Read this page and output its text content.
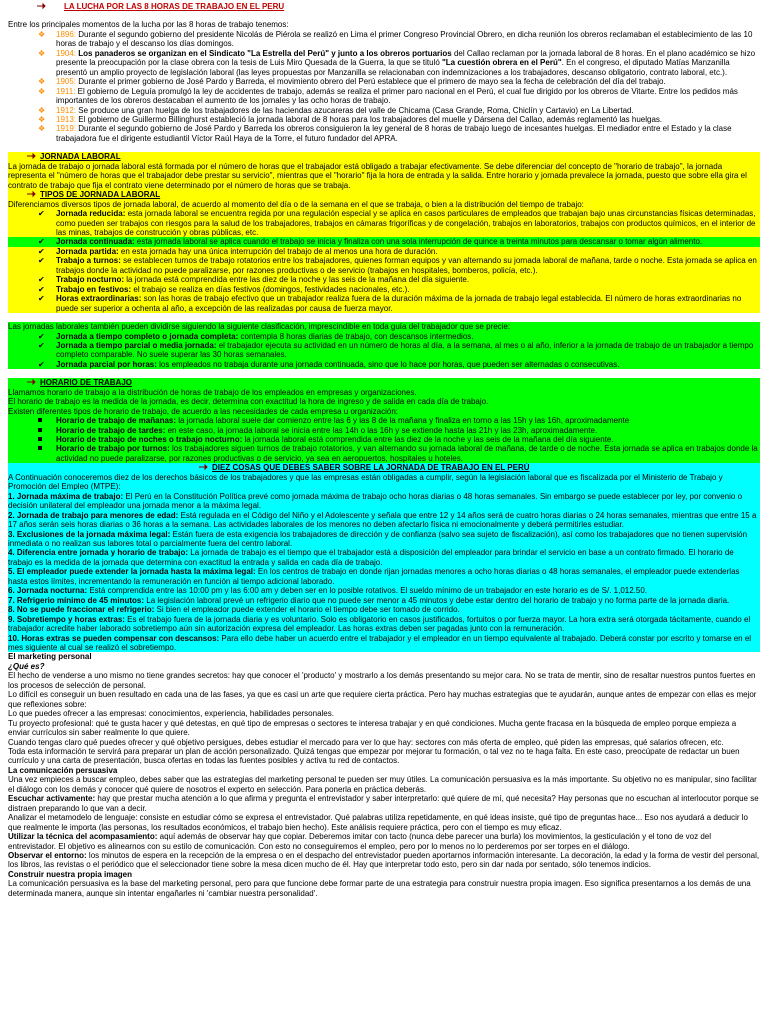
LA LUCHA POR LAS 8 HORAS DE TRABAJO EN EL PERU

Entre los principales momentos de la lucha por las 8 horas de trabajo tenemos:

❖ 1896: Durante el segundo gobierno del presidente Nicolás de Piérola se realizó en Lima el primer Congreso Provincial Obrero, en dicha reunión los obreros reclamaban el establecimiento de las 10 horas de trabajo y el descanso los días domingos.

❖ 1904: Los panaderos se organizan en el Sindicato "La Estrella del Perú" y junto a los obreros portuarios del Callao reclaman por la jornada laboral de 8 horas. En el plano académico se hizo presente la preocupación por la clase obrera con la tesis de Luis Miro Quesada de la Guerra, la que se tituló "La cuestión obrera en el Perú". En el congreso, el diputado Matías Manzanilla presentó un amplio proyecto de legislación laboral (las leyes propuestas por Manzanilla se relacionaban con indemnizaciones a los trabajadores, descanso obligatorio, contrato laboral, etc.).

❖ 1905: Durante el primer gobierno de José Pardo y Barreda, el movimiento obrero del Perú establece que el primero de mayo sea la fecha de celebración del día del trabajo.

❖ 1911: El gobierno de Leguía promulgó la ley de accidentes de trabajo, además se realiza el primer paro nacional en el Perú, el cual fue dirigido por los obreros de Vitarte. Entre los pedidos más importantes de los obreros destacaban el aumento de los jornales y las ocho horas de trabajo.

❖ 1912: Se produce una gran huelga de los trabajadores de las haciendas azucareras del valle de Chicama (Casa Grande, Roma, Chiclín y Cartavio) en La Libertad.

❖ 1913: El gobierno de Guillermo Billinghurst estableció la jornada laboral de 8 horas para los trabajadores del muelle y Dársena del Callao, además reglamentó las huelgas.

❖ 1919: Durante el segundo gobierno de José Pardo y Barreda los obreros consiguieron la ley general de 8 horas de trabajo luego de incesantes huelgas. El mediador entre el Estado y la clase trabajadora fue el dirigente estudiantil Víctor Raúl Haya de la Torre, el futuro fundador del APRA.

JORNADA LABORAL

La jornada de trabajo o jornada laboral está formada por el número de horas que el trabajador está obligado a trabajar efectivamente. Se debe diferenciar del concepto de "horario de trabajo", la jornada representa el "número de horas que el trabajador debe prestar su servicio", mientras que el "horario" fija la hora de entrada y la salida. Entre horario y jornada prevalece la jornada, puesto que sobre ella gira el contrato de trabajo que fija el contrato viene determinado por el número de horas que se trabaja.

TIPOS DE JORNADA LABORAL

Diferenciamos diversos tipos de jornada laboral, de acuerdo al momento del día o de la semana en el que se trabaja, o bien a la distribución del tiempo de trabajo:

✔ Jornada reducida: esta jornada laboral se encuentra regida por una regulación especial y se aplica en casos particulares de empleados que trabajan bajo unas circunstancias físicas determinadas, como pueden ser trabajos con riesgos para la salud de los trabajadores, trabajos en cámaras frigoríficas y de congelación, trabajos en laboratorios, trabajos con productos químicos, en el interior de las minas, trabajos de construcción y obras públicas, etc.

✔ Jornada continuada: esta jornada laboral se aplica cuando el trabajo se inicia y finaliza con una sola interrupción de quince a treinta minutos para descansar o tomar algún alimento.

✔ Jornada partida: en esta jornada hay una única interrupción del trabajo de al menos una hora de duración.

✔ Trabajo a turnos: se establecen turnos de trabajo rotatorios entre los trabajadores, quienes forman equipos y van alternando su jornada laboral de mañana, tarde o noche. Esta jornada se aplica en trabajos donde la actividad no puede paralizarse, por razones productivas o de servicio (trabajos en hospitales, bomberos, policía, etc.).

✔ Trabajo nocturno: la jornada está comprendida entre las diez de la noche y las seis de la mañana del día siguiente.

✔ Trabajo en festivos: el trabajo se realiza en días festivos (domingos, festividades nacionales, etc.).

✔ Horas extraordinarias: son las horas de trabajo efectivo que un trabajador realiza fuera de la duración máxima de la jornada de trabajo legal establecida. El número de horas extraordinarias no puede ser superior a ochenta al año, a excepción de las realizadas por causa de fuerza mayor.

Las jornadas laborales también pueden dividirse siguiendo la siguiente clasificación, imprescindible en toda guía del trabajador que se precie:

✔ Jornada a tiempo completo o jornada completa: contempla 8 horas diarias de trabajo, con descansos intermedios.

✔ Jornada a tiempo parcial o media jornada: el trabajador ejecuta su actividad en un número de horas al día, a la semana, al mes o al año, inferior a la jornada de trabajo de un trabajador a tiempo completo comparable. No suele superar las 30 horas semanales.

✔ Jornada parcial por horas: los empleados no trabaja durante una jornada continuada, sino que lo hace por horas, que pueden ser alternadas o consecutivas.

HORARIO DE TRABAJO

Llamamos horario de trabajo a la distribución de horas de trabajo de los empleados en empresas y organizaciones.

El horario de trabajo es la medida de la jornada, es decir, determina con exactitud la hora de ingreso y de salida en cada día de trabajo.

Existen diferentes tipos de horario de trabajo, de acuerdo a las necesidades de cada empresa u organización:

Horario de trabajo de mañanas: la jornada laboral suele dar comienzo entre las 6 y las 8 de la mañana y finaliza en torno a las 15h y las 16h, aproximadamente

Horario de trabajo de tardes: en este caso, la jornada laboral se inicia entre las 14h o las 16h y se extiende hasta las 21h y las 23h, aproximadamente.

Horario de trabajo de noches o trabajo nocturno: la jornada laboral está comprendida entre las diez de la noche y las seis de la mañana del día siguiente.

Horario de trabajo por turnos: los trabajadores siguen turnos de trabajo rotatorios, y van alternando su jornada laboral de mañana, de tarde o de noche. Esta jornada se aplica en trabajos donde la actividad no puede paralizarse, por razones productivas o de servicio, ya sea en aeropuertos, hospitales u hoteles.

DIEZ COSAS QUE DEBES SABER SOBRE LA JORNADA DE TRABAJO EN EL PERÚ

A Continuación conoceremos diez de los derechos básicos de los trabajadores y que las empresas están obligadas a cumplir, según la legislación laboral que es fiscalizada por el Ministerio de Trabajo y Promoción del Empleo (MTPE):

1. Jornada máxima de trabajo: El Perú en la Constitución Política prevé como jornada máxima de trabajo ocho horas diarias o 48 horas semanales. Sin embargo se puede establecer por ley, por convenio o decisión unilateral del empleador una jornada menor a la máxima legal.

2. Jornada de trabajo para menores de edad: Está regulada en el Código del Niño y el Adolescente y señala que entre 12 y 14 años será de cuatro horas diarias o 24 horas semanales, mientras que entre 15 a 17 años serán seis horas diarias o 36 horas a la semana. Las actividades laborales de los menores no deben afectarlo física ni emocionalmente y deberá permitirles estudiar.

3. Exclusiones de la jornada máxima legal: Están fuera de esta exigencia los trabajadores de dirección y de confianza (salvo sea sujeto de fiscalización), así como los trabajadores que no tienen supervisión inmediata o no realizan sus labores total o parcialmente fuera del centro laboral.

4. Diferencia entre jornada y horario de trabajo: La jornada de trabajo es el tiempo que el trabajador está a disposición del empleador para brindar el servicio en base a un contrato firmado. El horario de trabajo es la medida de la jornada que determina con exactitud la entrada y salida en cada día de trabajo.

5. El empleador puede extender la jornada hasta la máxima legal: En los centros de trabajo en donde rijan jornadas menores a ocho horas diarias o 48 horas semanales, el empleador puede extenderlas hasta estos límites, incrementando la remuneración en función al tiempo adicional laborado.

6. Jornada nocturna: Está comprendida entre las 10:00 pm y las 6:00 am y deben ser en lo posible rotativos. El sueldo mínimo de un trabajador en este horario es de S/. 1,012.50.

7. Refrigerio mínimo de 45 minutos: La legislación laboral prevé un refrigerio diario que no puede ser menor a 45 minutos y debe estar dentro del horario de trabajo y no forma parte de la jornada diaria.

8. No se puede fraccionar el refrigerio: Si bien el empleador puede extender el horario el tiempo debe ser tomado de corrido.

9. Sobretiempo y horas extras: Es el trabajo fuera de la jornada diaria y es voluntario. Solo es obligatorio en casos justificados, fortuitos o por fuerza mayor. La hora extra será otorgada tácitamente, cuando el trabajador acredite haber laborado sobretiempo aún sin autorización expresa del empleador. Las horas extras deben ser pagadas junto con la remuneración.

10. Horas extras se pueden compensar con descansos: Para ello debe haber un acuerdo entre el trabajador y el empleador en un tiempo equivalente al trabajado. Deberá constar por escrito y tomarse en el mes siguiente al cual se realizó el sobretiempo.

El marketing personal

¿Qué es?

El hecho de venderse a uno mismo no tiene grandes secretos: hay que conocer el 'producto' y mostrarlo a los demás presentando su mejor cara. No se trata de mentir, sino de resaltar nuestros puntos fuertes en los procesos de selección de personal.

Lo difícil es conseguir un buen resultado en cada una de las fases, ya que es casi un arte que requiere cierta práctica. Pero hay muchas estrategias que te ayudarán, aunque antes de empezar con ellas es mejor que reflexiones sobre:

Lo que puedes ofrecer a las empresas: conocimientos, experiencia, habilidades personales.

Tu proyecto profesional: qué te gusta hacer y qué detestas, en qué tipo de empresas o sectores te interesa trabajar y en qué condiciones. Mucha gente fracasa en la búsqueda de empleo porque empieza a enviar currículos sin saber realmente lo que quiere.

Cuando tengas claro qué puedes ofrecer y qué objetivo persigues, debes estudiar el mercado para ver lo que hay: sectores con más oferta de empleo, qué piden las empresas, qué salarios ofrecen, etc.

Toda esta información te servirá para preparar un plan de acción personalizado. Quizá tengas que empezar por mejorar tu formación, o tal vez no te haga falta. En este caso, preocúpate de redactar un buen currículo y una carta de presentación, busca ofertas en todas las fuentes posibles y activa tu red de contactos.

La comunicación persuasiva

Una vez empieces a buscar empleo, debes saber que las estrategias del marketing personal te pueden ser muy útiles. La comunicación persuasiva es la más importante. Su objetivo no es manipular, sino facilitar el diálogo con los demás y conocer qué quiere de nosotros el experto en selección. Para ponerla en práctica deberás.

Escuchar activamente: hay que prestar mucha atención a lo que afirma y pregunta el entrevistador y saber interpretarlo: qué quiere de mí, qué necesita? Hay personas que no escuchan al interlocutor porque se distraen preparando lo que van a decir.

Analizar el metamodelo de lenguaje: consiste en estudiar cómo se expresa el entrevistador. Qué palabras utiliza repetidamente, en qué ideas insiste, qué tipo de preguntas hace... Eso nos ayudará a deducir lo que realmente le importa (las personas, los resultados económicos, el trabajo bien hecho). Este análisis requiere práctica, pero con el tiempo es muy eficaz.

Utilizar la técnica del acompasamiento: aquí además de observar hay que copiar. Deberemos imitar con tacto (nunca debe parecer una burla) los movimientos, la gesticulación y el tono de voz del entrevistador. El objetivo es alinearnos con su estilo de comunicación. Con esto no conseguiremos el empleo, pero por lo menos no lo perderemos por ser torpes en el diálogo.

Observar el entorno: los minutos de espera en la recepción de la empresa o en el despacho del entrevistador pueden aportarnos información interesante. La decoración, la edad y la forma de vestir del personal, los libros, las revistas o el periódico que el seleccionador tiene sobre la mesa dicen mucho de él. Hay que interpretar todo esto, pero sin dar nada por sentado, sólo tenemos indicios.

Construir nuestra propia imagen

La comunicación persuasiva es la base del marketing personal, pero para que funcione debe formar parte de una estrategia para construir nuestra propia imagen. Eso significa presentarnos a los demás de una determinada manera, aunque sin intentar engañarles ni 'cambiar nuestra personalidad'.
